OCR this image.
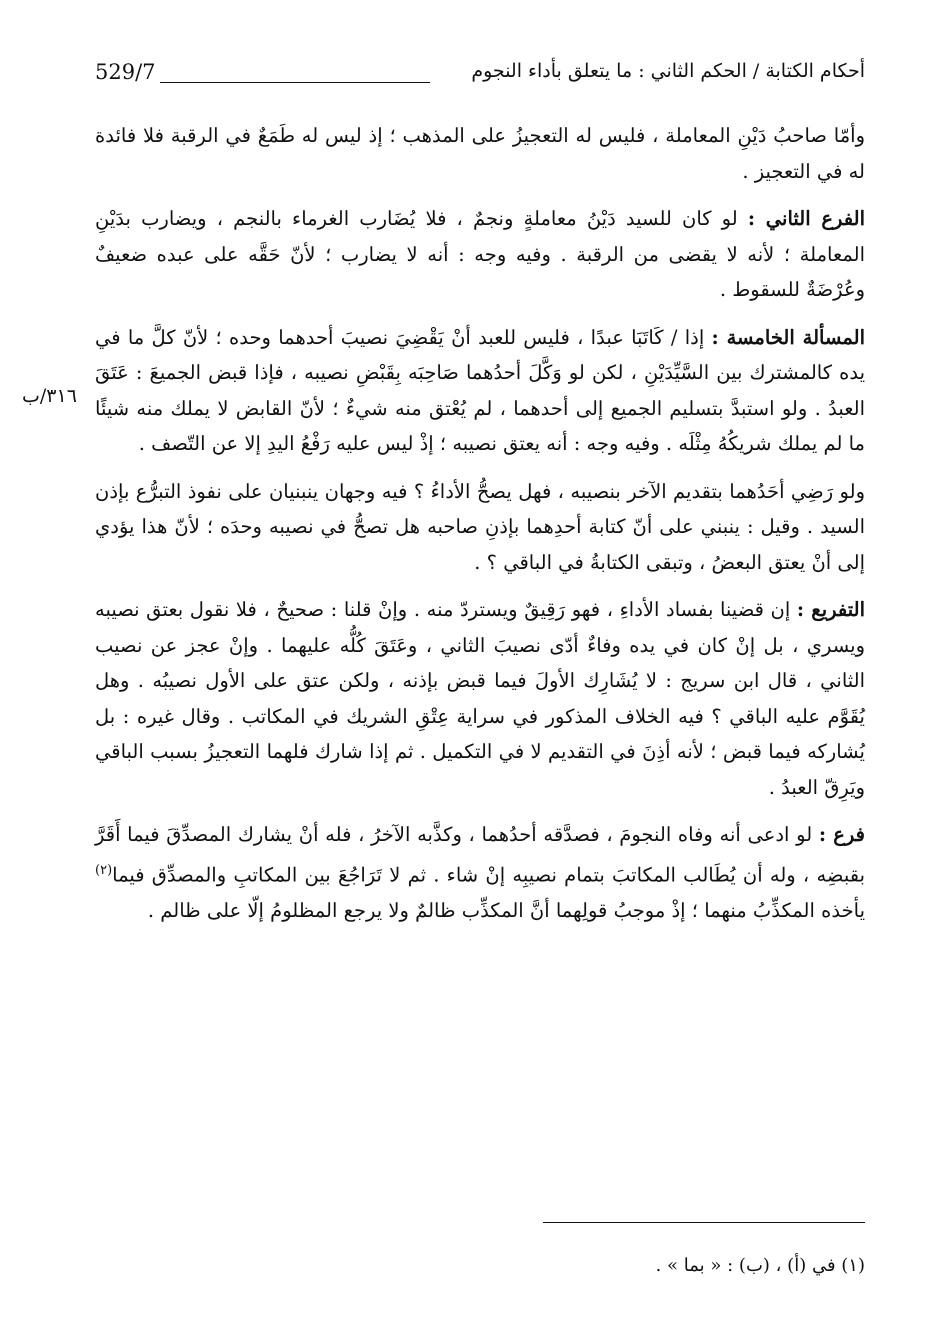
529/7	أحكام الكتابة / الحكم الثاني : ما يتعلق بأداء النجوم
٣١٦/ب

وأمّا صاحبُ دَيْنِ المعاملة ، فليس له التعجيزُ على المذهب ؛ إذ ليس له طَمَعٌ في الرقبة فلا فائدة له في التعجيز .

الفرع الثاني : لو كان للسيد دَيْنُ معاملةٍ ونجمٌ ، فلا يُضَارب الغرماء بالنجم ، ويضارب بدَيْنِ المعاملة ؛ لأنه لا يقضى من الرقبة . وفيه وجه : أنه لا يضارب ؛ لأنّ حَقَّه على عبده ضعيفٌ وعُرْضَةٌ للسقوط .

المسألة الخامسة : إذا / كَاتَبَا عبدًا ، فليس للعبد أنْ يَقْضِيَ نصيبَ أحدهما وحده ؛ لأنّ كلَّ ما في يده كالمشترك بين السَّيِّدَيْنِ ، لكن لو وَكَّلَ أحدُهما صَاحِبَه بِقَبْضِ نصيبه ، فإذا قبض الجميعَ : عَتَقَ العبدُ . ولو استبدَّ بتسليم الجميع إلى أحدهما ، لم يُعْتق منه شيءٌ ؛ لأنّ القابض لا يملك منه شيئًا ما لم يملك شريكُهُ مِثْلَه . وفيه وجه : أنه يعتق نصيبه ؛ إذْ ليس عليه رَفْعُ اليدِ إلا عن التّصف .

ولو رَضِي أحَدُهما بتقديم الآخر بنصيبه ، فهل يصحُّ الأداءُ ؟ فيه وجهان ينبنيان على نفوذ التبرُّع بإذن السيد . وقيل : ينبني على أنّ كتابة أحدِهما بإذنِ صاحبه هل تصحُّ في نصيبه وحدَه ؛ لأنّ هذا يؤدي إلى أنْ يعتق البعضُ ، وتبقى الكتابةُ في الباقي ؟ .

التفريع : إن قضينا بفساد الأداءِ ، فهو رَقِيقٌ ويستردّ منه . وإنْ قلنا : صحيحٌ ، فلا نقول بعتق نصيبه ويسري ، بل إنْ كان في يده وفاءٌ أدّى نصيبَ الثاني ، وعَتَقَ كُلُّه عليهما . وإنْ عجز عن نصيب الثاني ، قال ابن سريج : لا يُشَارِك الأولَ فيما قبض بإذنه ، ولكن عتق على الأول نصيبُه . وهل يُقَوَّم عليه الباقي ؟ فيه الخلاف المذكور في سراية عِتْقِ الشريك في المكاتب . وقال غيره : بل يُشاركه فيما قبض ؛ لأنه أذِنَ في التقديم لا في التكميل . ثم إذا شارك فلهما التعجيزُ بسبب الباقي ويَرِقّ العبدُ .

فرع : لو ادعى أنه وفاه النجومَ ، فصدَّقه أحدُهما ، وكذَّبه الآخرُ ، فله أنْ يشارك المصدِّقَ فيما أَقَرَّ بقبضِه ، وله أن يُطَالب المكاتبَ بتمام نصيبِه إنْ شاء . ثم لا تَرَاجُعَ بين المكاتبِ والمصدِّق فيما$^{(٢)}$ يأخذه المكذِّبُ منهما ؛ إذْ موجبُ قولِهما أنَّ المكذِّب ظالمٌ ولا يرجع المظلومُ إلّا على ظالم .

(١) في (أ) ، (ب) : « بما » .
